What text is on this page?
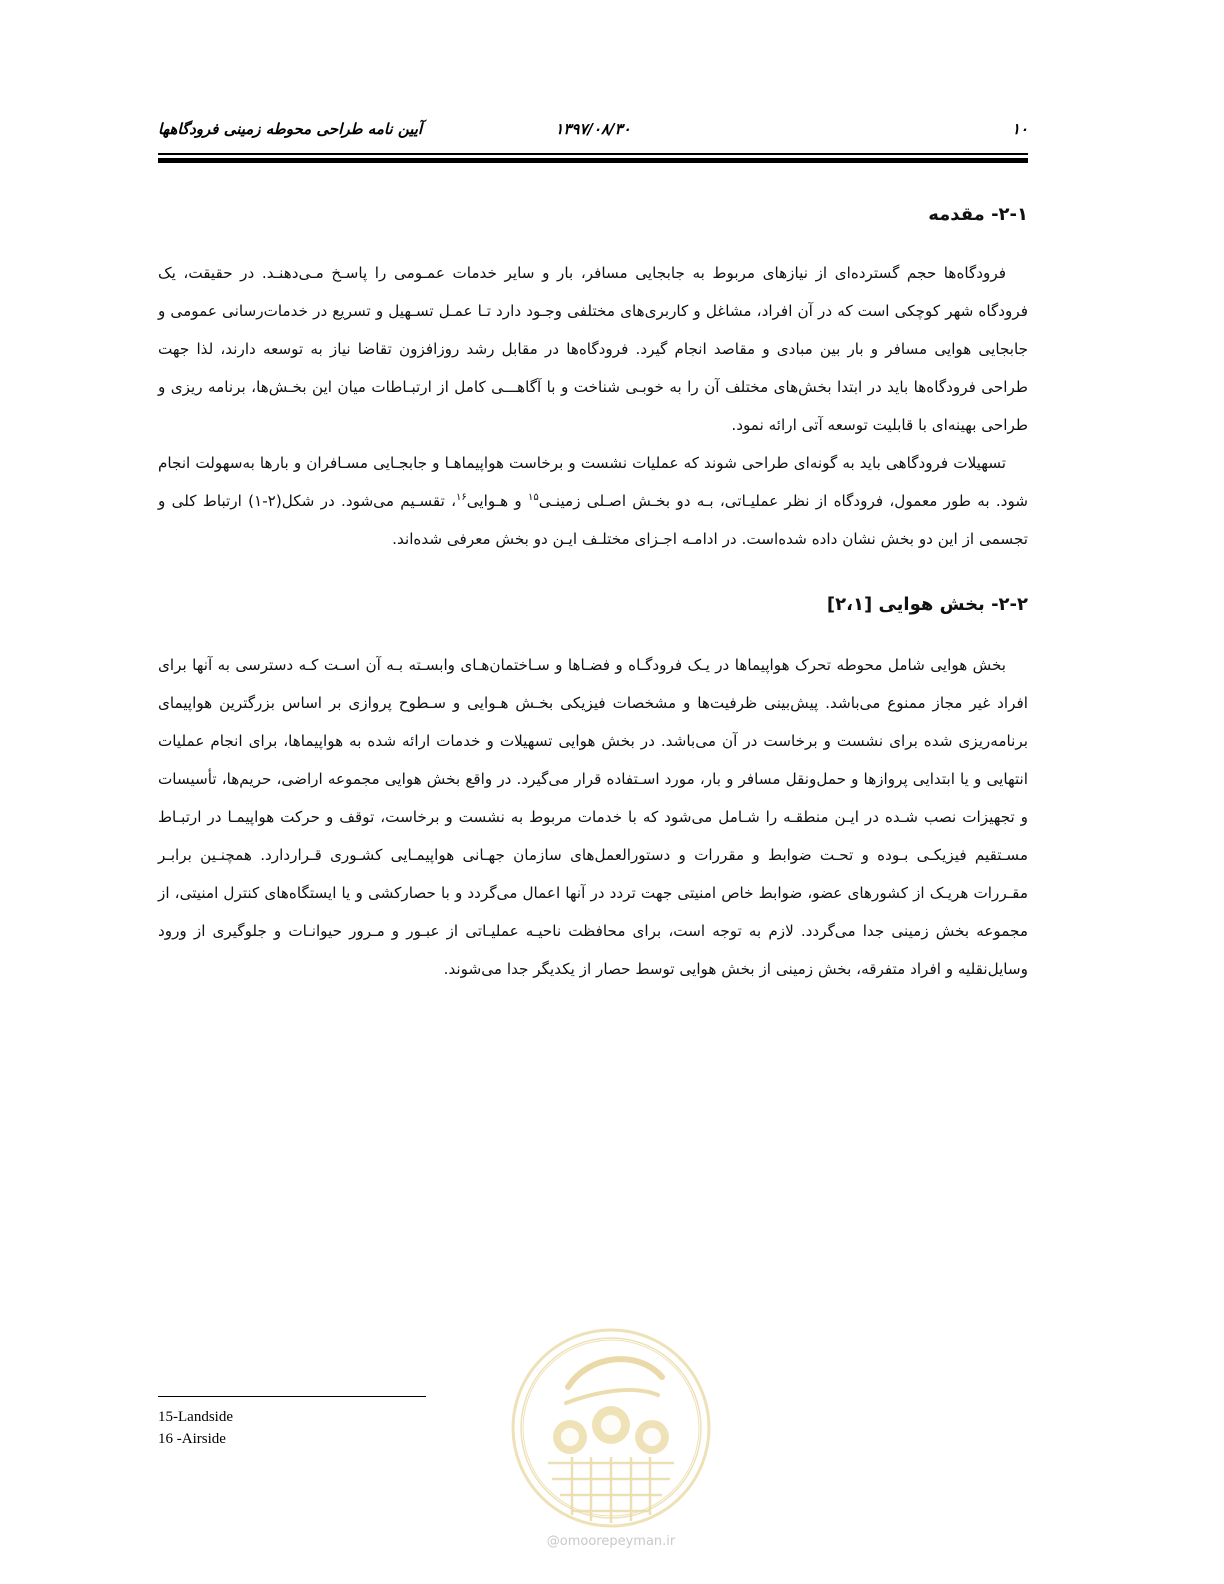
۱۰
۱۳۹۷/۰۸/۳۰
آیین نامه طراحی محوطه زمینی فرودگاهها
۲-۱- مقدمه

فرودگاه‌ها حجم گسترده‌ای از نیازهای مربوط به جابجایی مسافر، بار و سایر خدمات عمـومی را پاسـخ مـی‌دهنـد. در حقیقت، یک فرودگاه شهر کوچکی است که در آن افراد، مشاغل و کاربری‌های مختلفی وجـود دارد تـا عمـل تسـهیل و تسریع در خدمات‌رسانی عمومی و جابجایی هوایی مسافر و بار بین مبادی و مقاصد انجام گیرد. فرودگاه‌ها در مقابل رشد روزافزون تقاضا نیاز به توسعه دارند، لذا جهت طراحی فرودگاه‌ها باید در ابتدا بخش‌های مختلف آن را به خوبـی شناخت و با آگاهـــی کامل از ارتبـاطات میان این بخـش‌ها، برنامه ریزی و طراحی بهینه‌ای با قابلیت توسعه آتی ارائه نمود.

تسهیلات فرودگاهی باید به گونه‌ای طراحی شوند که عملیات نشست و برخاست هواپیماهـا و جابجـایی مسـافران و بارها به‌سهولت انجام شود. به طور معمول، فرودگاه از نظر عملیـاتی، بـه دو بخـش اصـلی زمینـی$^{۱۵}$ و هـوایی$^{۱۶}$، تقسـیم می‌شود. در شکل(۲-۱) ارتباط کلی و تجسمی از این دو بخش نشان داده شده‌است. در ادامـه اجـزای مختلـف ایـن دو بخش معرفی شده‌اند.

۲-۲- بخش هوایی [۲،۱]

بخش هوایی شامل محوطه تحرک هواپیماها در یـک فرودگـاه و فضـاها و سـاختمان‌هـای وابسـته بـه آن اسـت کـه دسترسی به آنها برای افراد غیر مجاز ممنوع می‌باشد. پیش‌بینی ظرفیت‌ها و مشخصات فیزیکی بخـش هـوایی و سـطوح پروازی بر اساس بزرگترین هواپیمای برنامه‌ریزی شده برای نشست و برخاست در آن می‌باشد. در بخش هوایی تسهیلات و خدمات ارائه شده به هواپیماها، برای انجام عملیات انتهایی و یا ابتدایی پروازها و حمل‌ونقل مسافر و بار، مورد اسـتفاده قرار می‌گیرد. در واقع بخش هوایی مجموعه اراضی، حریم‌ها، تأسیسات و تجهیزات نصب شـده در ایـن منطقـه را شـامل می‌شود که با خدمات مربوط به نشست و برخاست، توقف و حرکت هواپیمـا در ارتبـاط مسـتقیم فیزیکـی بـوده و تحـت ضوابط و مقررات و دستورالعمل‌های سازمان جهـانی هواپیمـایی کشـوری قـراردارد. همچنـین برابـر مقـررات هریـک از کشورهای عضو، ضوابط خاص امنیتی جهت تردد در آنها اعمال می‌گردد و با حصارکشی و یا ایستگاه‌های کنترل امنیتی، از مجموعه بخش زمینی جدا می‌گردد. لازم به توجه است، برای محافظت ناحیـه عملیـاتی از عبـور و مـرور حیوانـات و جلوگیری از ورود وسایل‌نقلیه و افراد متفرقه، بخش زمینی از بخش هوایی توسط حصار از یکدیگر جدا می‌شوند.

15-Landside
16 -Airside
@omoorepeyman.ir
